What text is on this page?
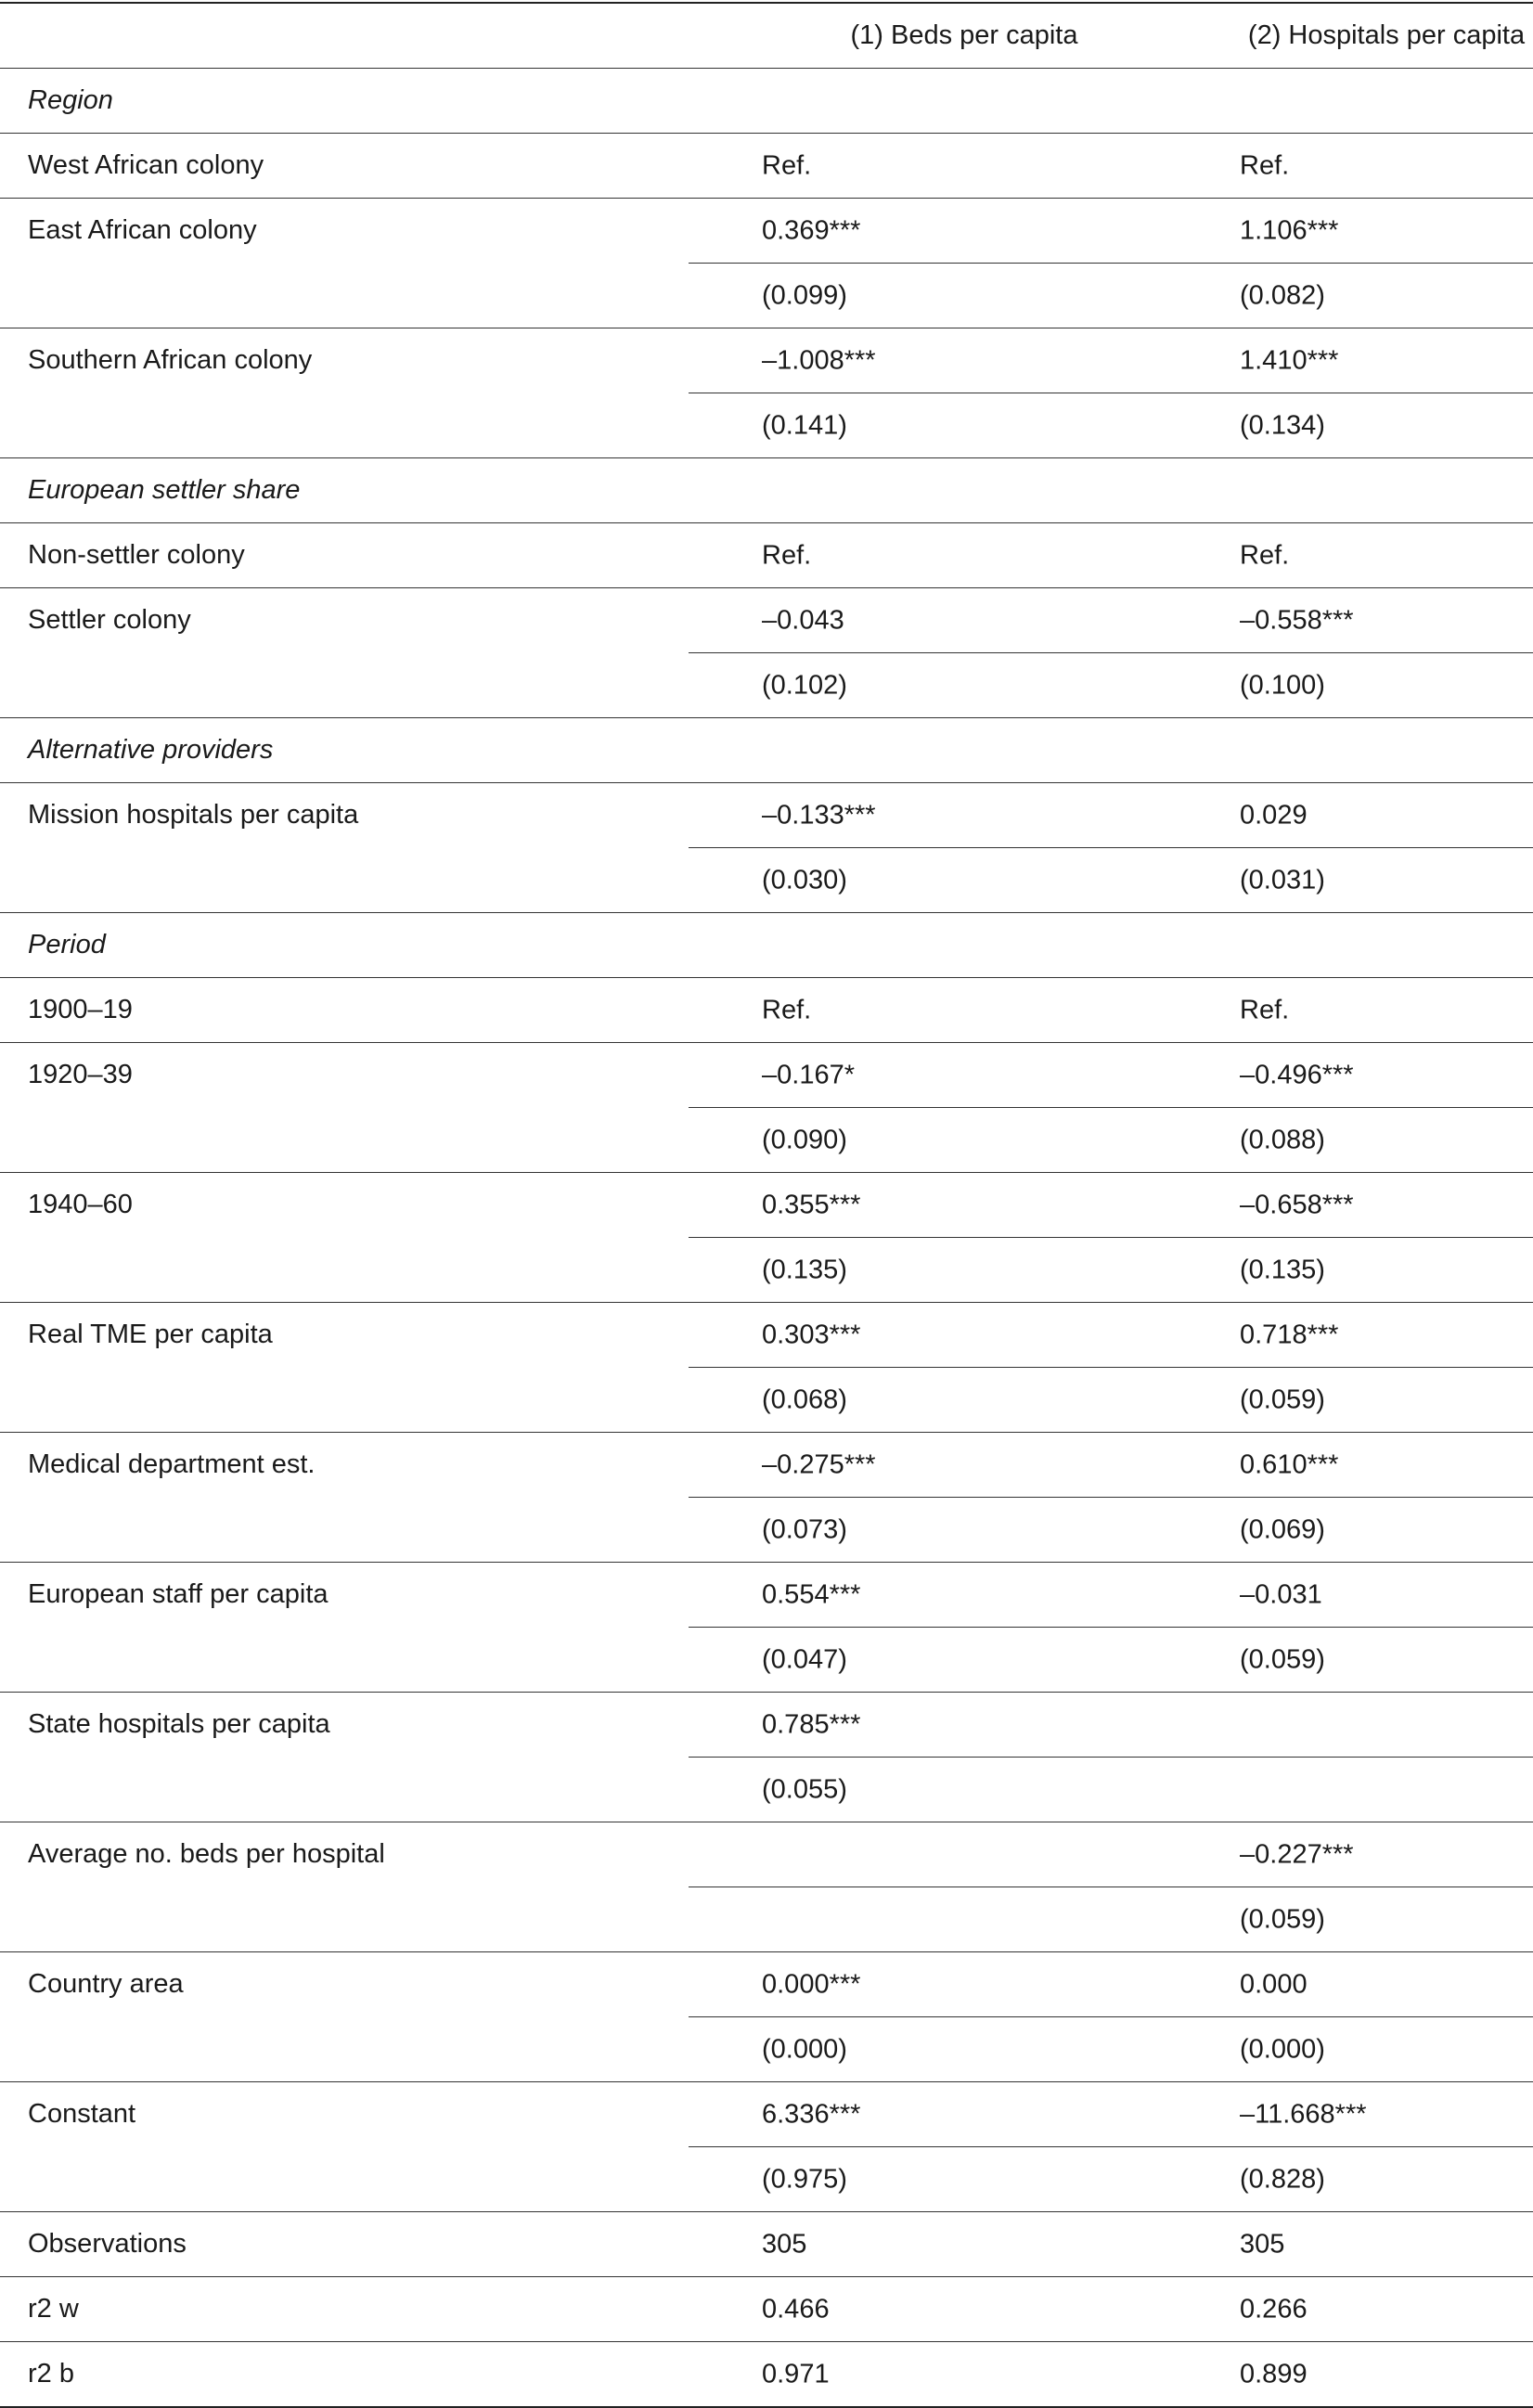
	(1) Beds per capita	(2) Hospitals per capita
Region		
West African colony	Ref.	Ref.

East African colony	0.369***	1.106***

	(0.099)	(0.082)

Southern African colony	–1.008***	1.410***

	(0.141)	(0.134)

European settler share		
Non-settler colony	Ref.	Ref.

Settler colony	–0.043	–0.558***

	(0.102)	(0.100)

Alternative providers		
Mission hospitals per capita	–0.133***	0.029

	(0.030)	(0.031)

Period		
1900–19	Ref.	Ref.

1920–39	–0.167*	–0.496***

	(0.090)	(0.088)

1940–60	0.355***	–0.658***

	(0.135)	(0.135)

Real TME per capita	0.303***	0.718***

	(0.068)	(0.059)

Medical department est.	–0.275***	0.610***

	(0.073)	(0.069)

European staff per capita	0.554***	–0.031

	(0.047)	(0.059)

State hospitals per capita	0.785***	

	(0.055)	

Average no. beds per hospital		–0.227***

		(0.059)

Country area	0.000***	0.000

	(0.000)	(0.000)

Constant	6.336***	–11.668***

	(0.975)	(0.828)

Observations	305	305

r2 w	0.466	0.266

r2 b	0.971	0.899
